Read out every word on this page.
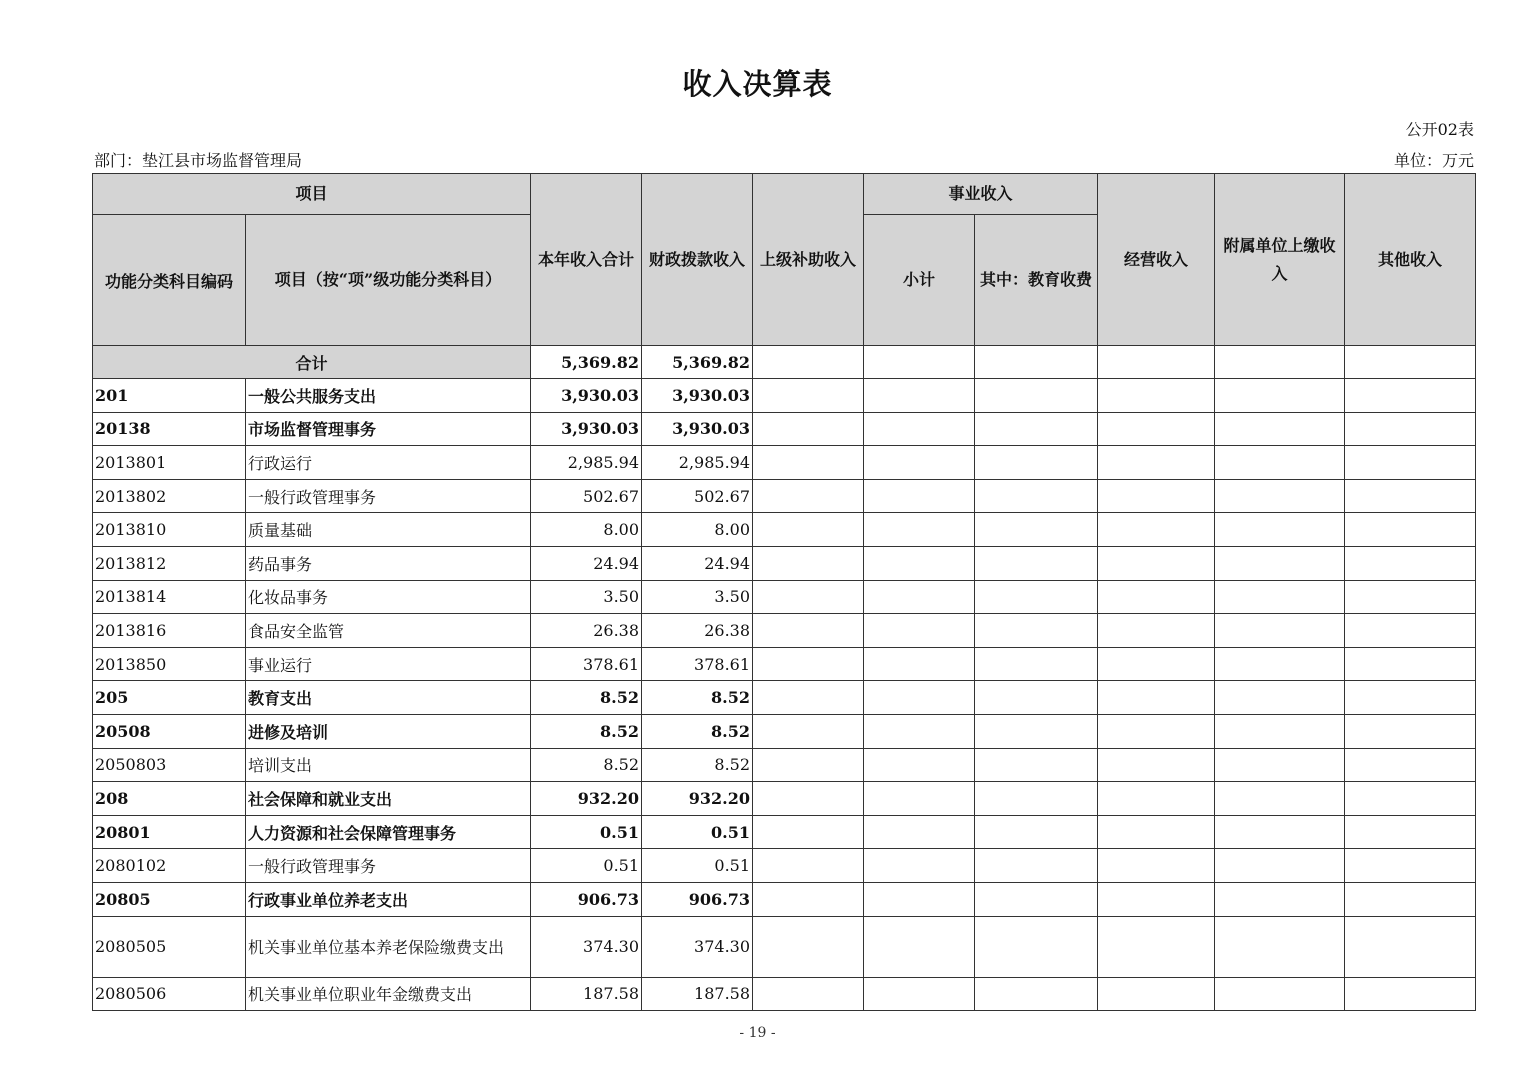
收入决算表
公开02表
部门：垫江县市场监督管理局	单位：万元
项目		本年收入合计	财政拨款收入	上级补助收入	事业收入		经营收入	附属单位上缴收入	其他收入
功能分类科目编码	项目（按“项”级功能分类科目）				小计	其中：教育收费			
合计		5,369.82	5,369.82						
201	一般公共服务支出	3,930.03	3,930.03						
20138	市场监督管理事务	3,930.03	3,930.03						
2013801	行政运行	2,985.94	2,985.94						
2013802	一般行政管理事务	502.67	502.67						
2013810	质量基础	8.00	8.00						
2013812	药品事务	24.94	24.94						
2013814	化妆品事务	3.50	3.50						
2013816	食品安全监管	26.38	26.38						
2013850	事业运行	378.61	378.61						
205	教育支出	8.52	8.52						
20508	进修及培训	8.52	8.52						
2050803	培训支出	8.52	8.52						
208	社会保障和就业支出	932.20	932.20						
20801	人力资源和社会保障管理事务	0.51	0.51						
2080102	一般行政管理事务	0.51	0.51						
20805	行政事业单位养老支出	906.73	906.73						
2080505	机关事业单位基本养老保险缴费支出	374.30	374.30						
2080506	机关事业单位职业年金缴费支出	187.58	187.58						
- 19 -
